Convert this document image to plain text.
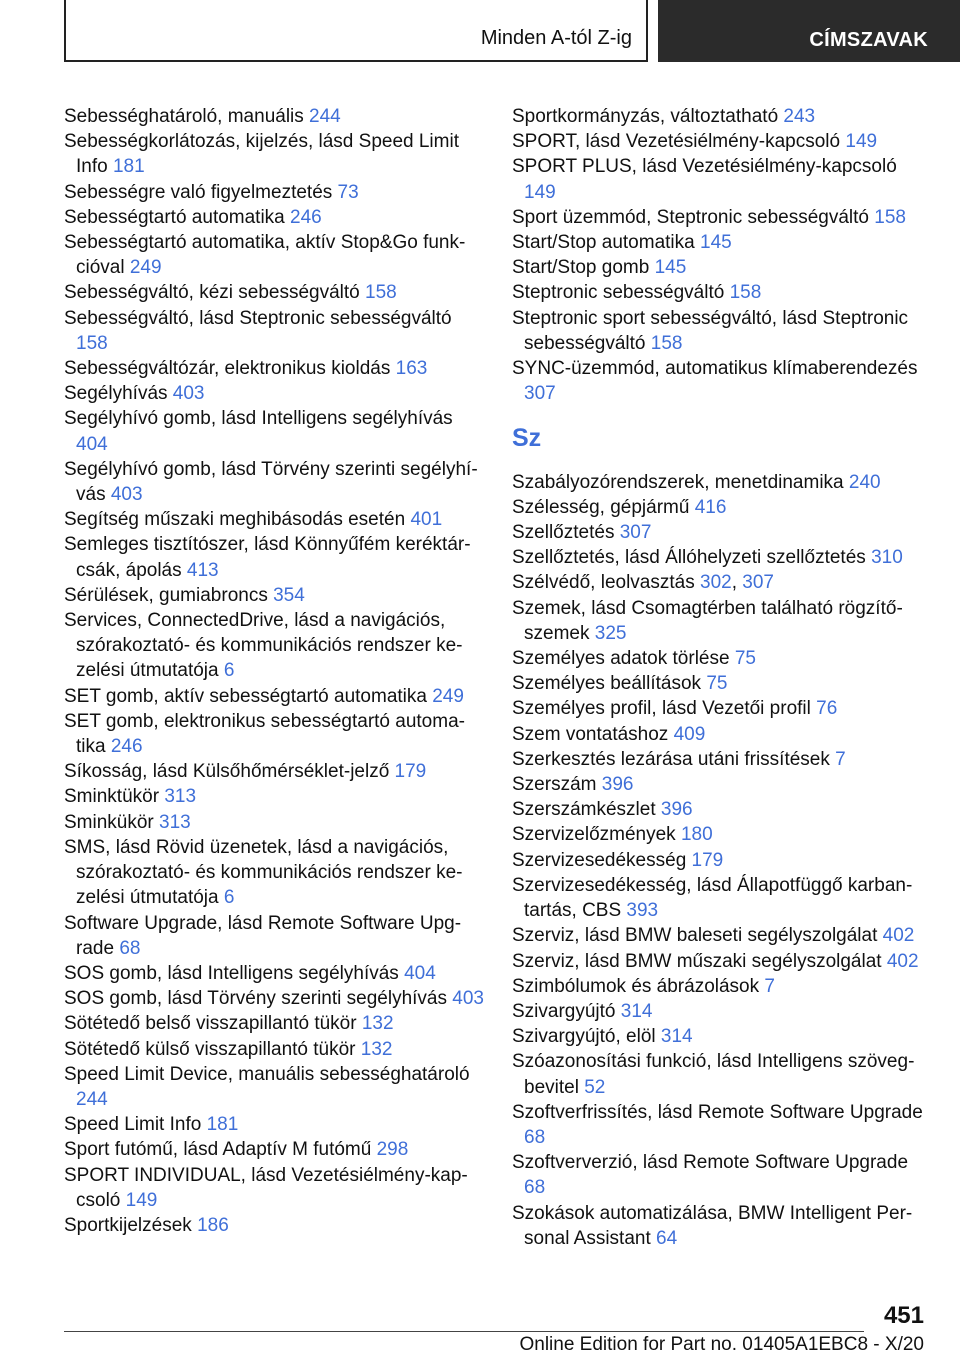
Minden A-tól Z-ig	CÍMSZAVAK
Sebességhatároló, manuális 244
Sebességkorlátozás, kijelzés, lásd Speed Limit Info 181
Sebességre való figyelmeztetés 73
Sebességtartó automatika 246
Sebességtartó automatika, aktív Stop&Go funkcióval 249
Sebességváltó, kézi sebességváltó 158
Sebességváltó, lásd Steptronic sebességváltó 158
Sebességváltózár, elektronikus kioldás 163
Segélyhívás 403
Segélyhívó gomb, lásd Intelligens segélyhívás 404
Segélyhívó gomb, lásd Törvény szerinti segélyhívás 403
Segítség műszaki meghibásodás esetén 401
Semleges tisztítószer, lásd Könnyűfém keréktárcsák, ápolás 413
Sérülések, gumiabroncs 354
Services, ConnectedDrive, lásd a navigációs, szórakoztató- és kommunikációs rendszer kezelési útmutatója 6
SET gomb, aktív sebességtartó automatika 249
SET gomb, elektronikus sebességtartó automatika 246
Síkosság, lásd Külsőhőmérséklet-jelző 179
Sminktükör 313
Sminkükör 313
SMS, lásd Rövid üzenetek, lásd a navigációs, szórakoztató- és kommunikációs rendszer kezelési útmutatója 6
Software Upgrade, lásd Remote Software Upgrade 68
SOS gomb, lásd Intelligens segélyhívás 404
SOS gomb, lásd Törvény szerinti segélyhívás 403
Sötétedő belső visszapillantó tükör 132
Sötétedő külső visszapillantó tükör 132
Speed Limit Device, manuális sebességhatároló 244
Speed Limit Info 181
Sport futómű, lásd Adaptív M futómű 298
SPORT INDIVIDUAL, lásd Vezetésiélmény-kapcsoló 149
Sportkijelzések 186
Sportkormányzás, változtatható 243
SPORT, lásd Vezetésiélmény-kapcsoló 149
SPORT PLUS, lásd Vezetésiélmény-kapcsoló 149
Sport üzemmód, Steptronic sebességváltó 158
Start/Stop automatika 145
Start/Stop gomb 145
Steptronic sebességváltó 158
Steptronic sport sebességváltó, lásd Steptronic sebességváltó 158
SYNC-üzemmód, automatikus klímaberendezés 307
Sz
Szabályozórendszerek, menetdinamika 240
Szélesség, gépjármű 416
Szellőztetés 307
Szellőztetés, lásd Állóhelyzeti szellőztetés 310
Szélvédő, leolvasztás 302, 307
Szemek, lásd Csomagtérben található rögzítőszemek 325
Személyes adatok törlése 75
Személyes beállítások 75
Személyes profil, lásd Vezetői profil 76
Szem vontatáshoz 409
Szerkesztés lezárása utáni frissítések 7
Szerszám 396
Szerszámkészlet 396
Szervizelőzmények 180
Szervizesedékesség 179
Szervizesedékesség, lásd Állapotfüggő karbantartás, CBS 393
Szerviz, lásd BMW baleseti segélyszolgálat 402
Szerviz, lásd BMW műszaki segélyszolgálat 402
Szimbólumok és ábrázolások 7
Szivargyújtó 314
Szivargyújtó, elöl 314
Szóazonosítási funkció, lásd Intelligens szövegbevitel 52
Szoftverfrissítés, lásd Remote Software Upgrade 68
Szoftververzió, lásd Remote Software Upgrade 68
Szokások automatizálása, BMW Intelligent Personal Assistant 64
451
Online Edition for Part no. 01405A1EBC8 - X/20
